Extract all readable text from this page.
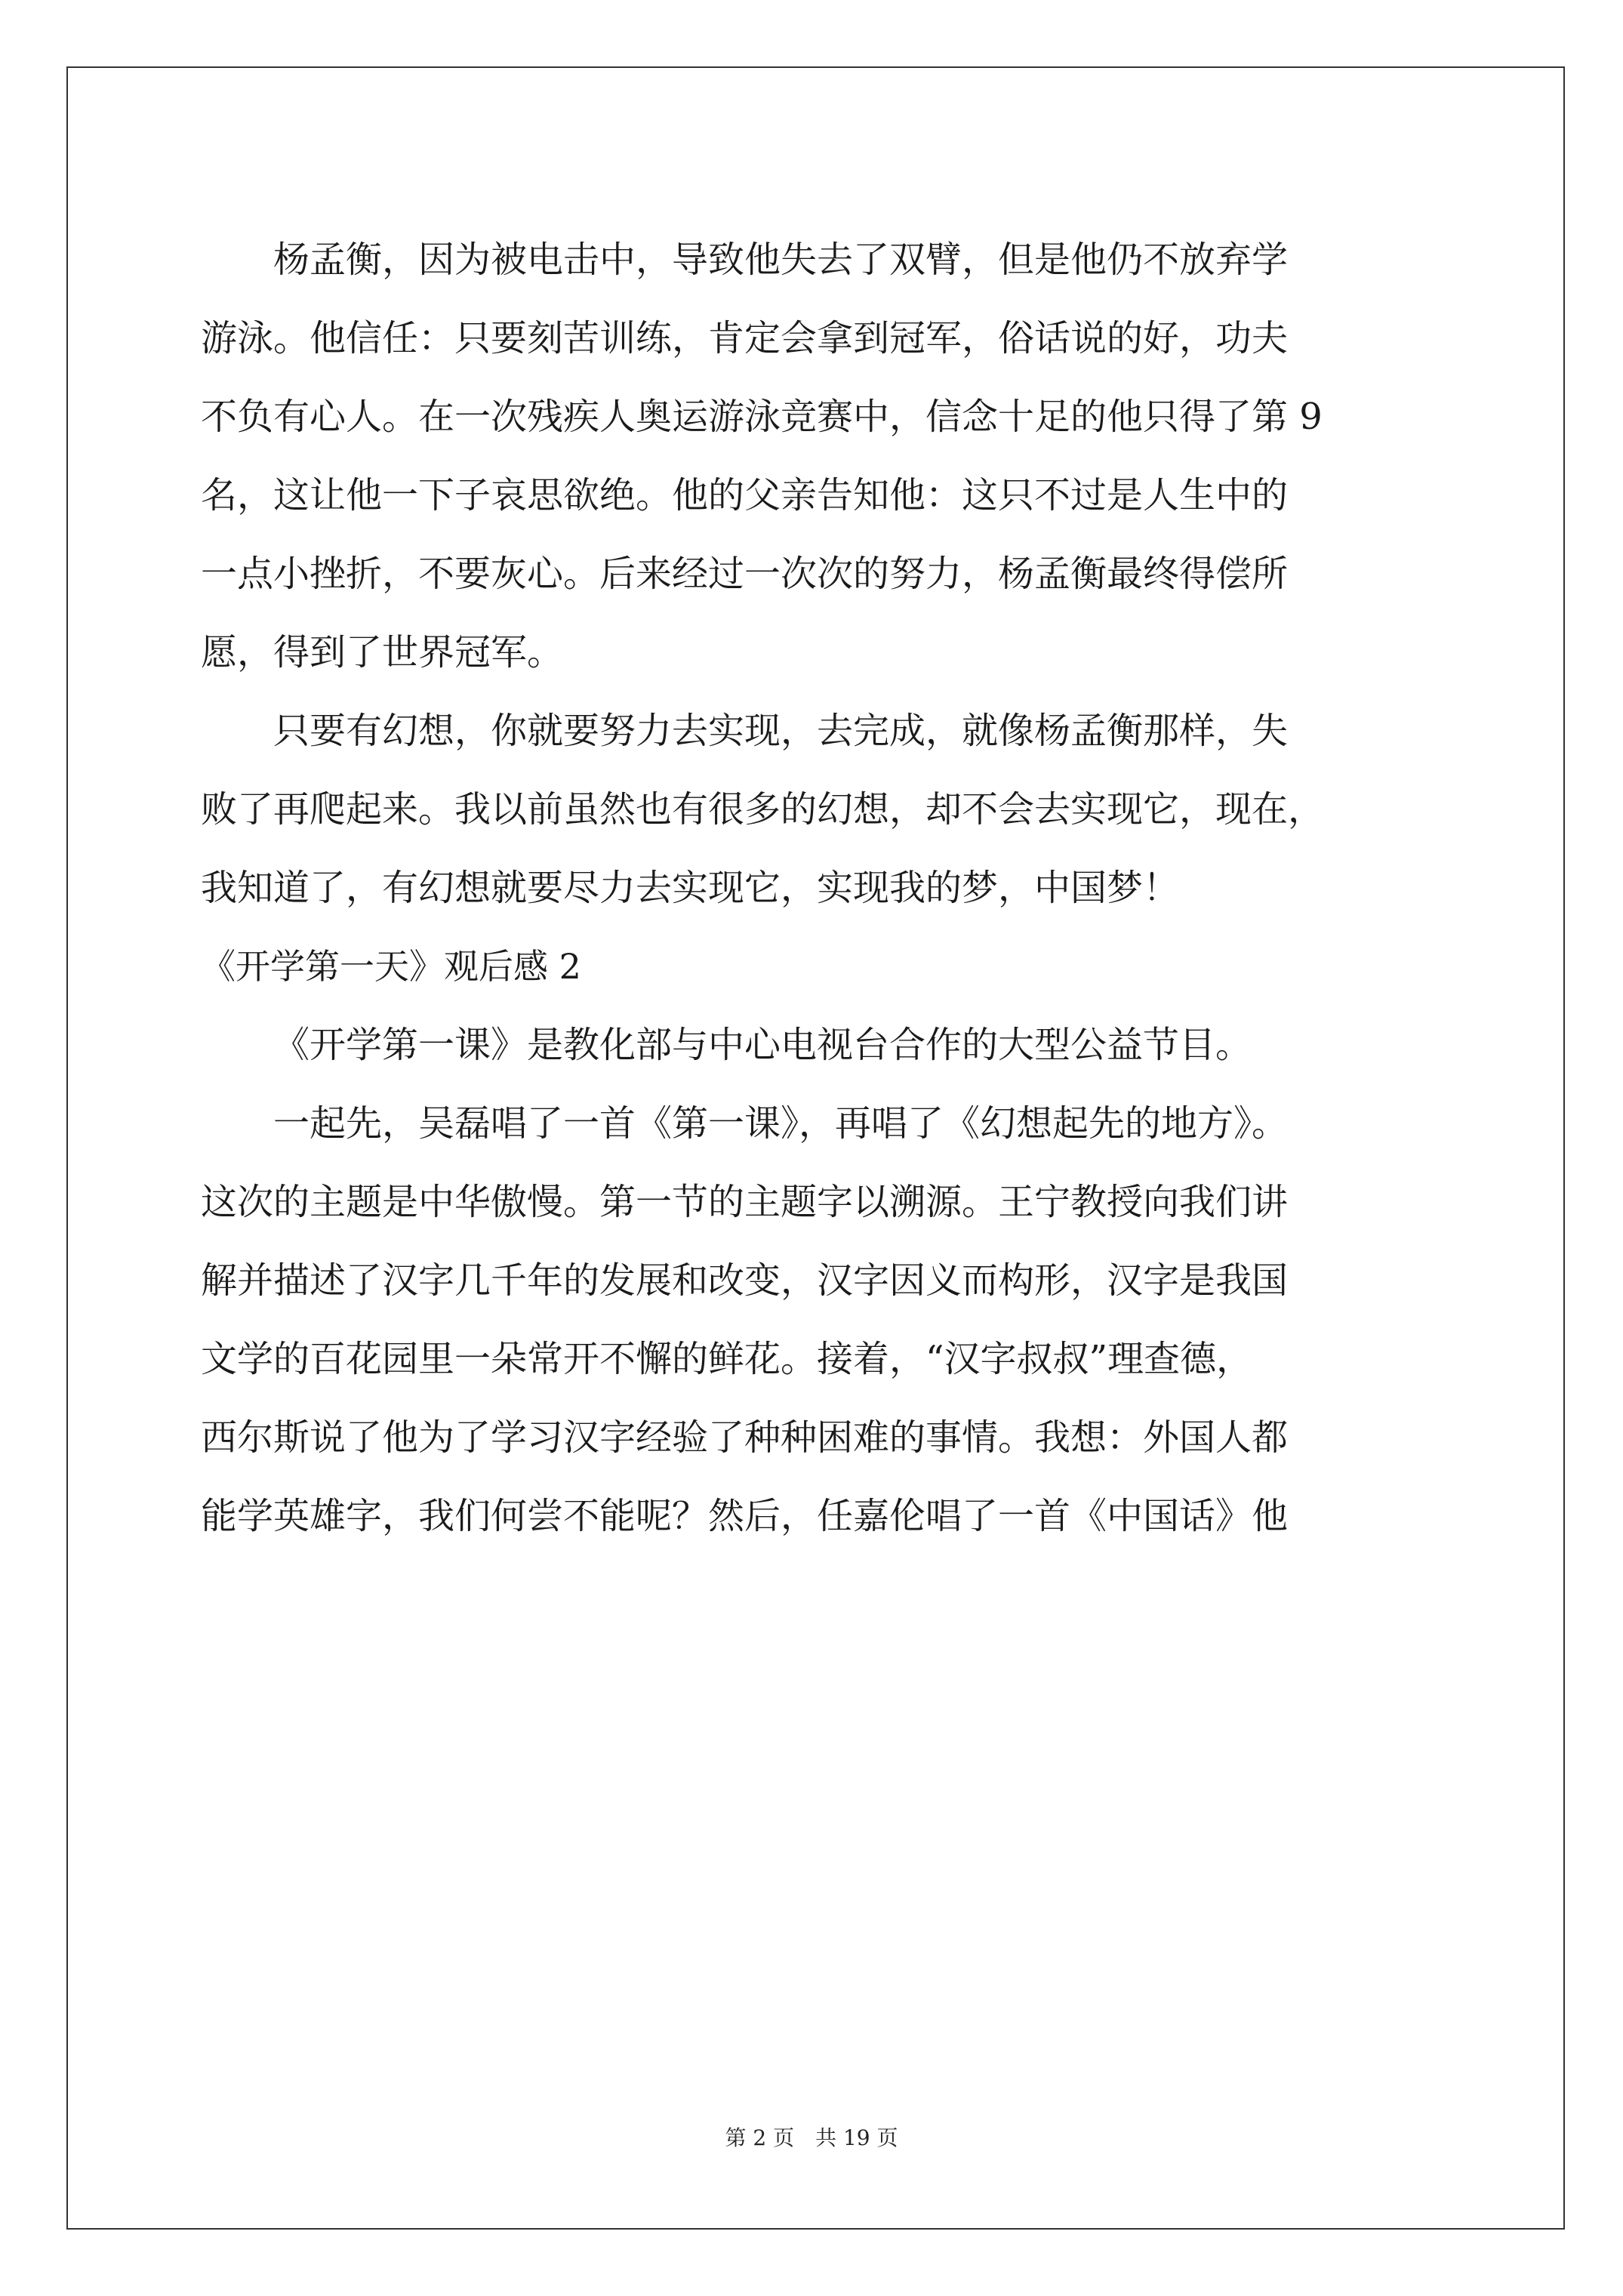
杨孟衡，因为被电击中，导致他失去了双臂，但是他仍不放弃学
游泳。他信任：只要刻苦训练，肯定会拿到冠军，俗话说的好，功夫
不负有心人。在一次残疾人奥运游泳竞赛中，信念十足的他只得了第 9
名，这让他一下子哀思欲绝。他的父亲告知他：这只不过是人生中的
一点小挫折，不要灰心。后来经过一次次的努力，杨孟衡最终得偿所
愿，得到了世界冠军。
只要有幻想，你就要努力去实现，去完成，就像杨孟衡那样，失
败了再爬起来。我以前虽然也有很多的幻想，却不会去实现它，现在，
我知道了，有幻想就要尽力去实现它，实现我的梦，中国梦！
《开学第一天》观后感 2
《开学第一课》是教化部与中心电视台合作的大型公益节目。
一起先，吴磊唱了一首《第一课》，再唱了《幻想起先的地方》。
这次的主题是中华傲慢。第一节的主题字以溯源。王宁教授向我们讲
解并描述了汉字几千年的发展和改变，汉字因义而构形，汉字是我国
文学的百花园里一朵常开不懈的鲜花。接着，“汉字叔叔”理查德，
西尔斯说了他为了学习汉字经验了种种困难的事情。我想：外国人都
能学英雄字，我们何尝不能呢？然后，任嘉伦唱了一首《中国话》他
第 2 页 共 19 页
